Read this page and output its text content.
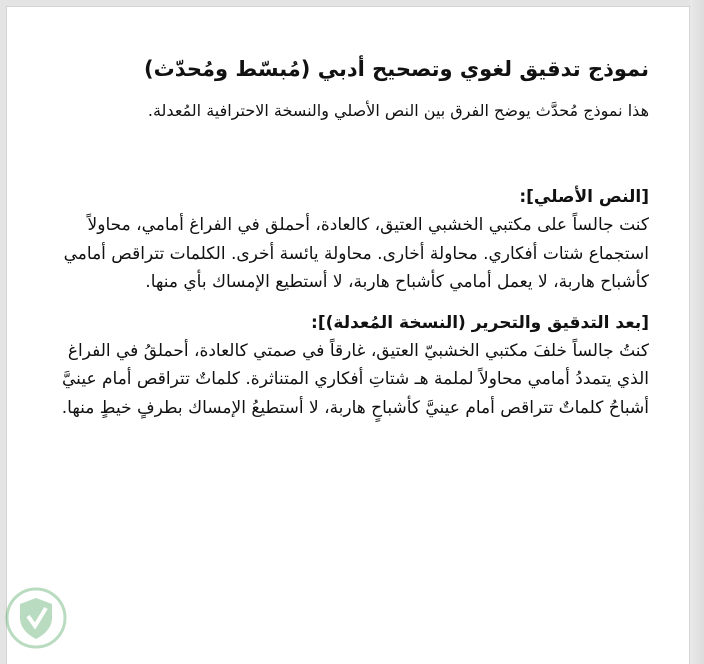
نموذج تدقيق لغوي وتصحيح أدبي (مُبسّط ومُحدّث)

هذا نموذج مُحدَّث يوضح الفرق بين النص الأصلي والنسخة الاحترافية المُعدلة.

[النص الأصلي]:

كنت جالساً على مكتبي الخشبي العتيق، كالعادة، أحملق في الفراغ أمامي، محاولاً استجماع شتات أفكاري. محاولة أخارى. محاولة يائسة أخرى. الكلمات تتراقص أمامي كأشباح هاربة، لا يعمل أمامي كأشباح هاربة، لا أستطيع الإمساك بأي منها.

[بعد التدقيق والتحرير (النسخة المُعدلة)]:

كنتُ جالساً خلفَ مكتبي الخشبيّ العتيق، غارقاً في صمتي كالعادة، أحملقُ في الفراغ الذي يتمددُ أمامي محاولاً لملمة هـ شتاتِ أفكاري المتناثرة. كلماتٌ تتراقص أمام عينيَّ أشباحُ كلماتٌ تتراقص أمام عينيَّ كأشباحٍ هاربة، لا أستطيعُ الإمساك بطرفٍ خيطٍ منها.
